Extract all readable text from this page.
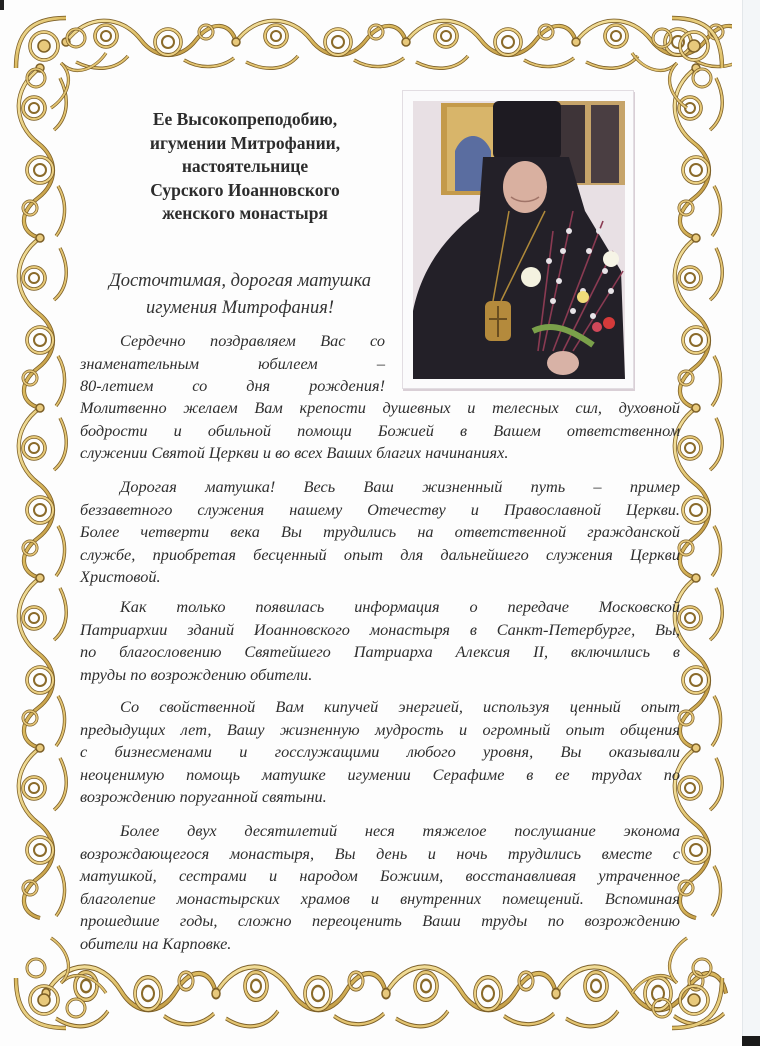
Ее Высокопреподобию,
игумении Митрофании,
настоятельнице
Сурского Иоанновского
женского монастыря
Досточтимая, дорогая матушка
игумения Митрофания!
Сердечно поздравляем Вас со
знаменательным юбилеем –
80-летием со дня рождения!
Молитвенно желаем Вам крепости душевных и телесных сил, духовной
бодрости и обильной помощи Божией в Вашем ответственном
служении Святой Церкви и во всех Ваших благих начинаниях.
Дорогая матушка! Весь Ваш жизненный путь – пример
беззаветного служения нашему Отечеству и Православной Церкви.
Более четверти века Вы трудились на ответственной гражданской
службе, приобретая бесценный опыт для дальнейшего служения Церкви
Христовой.
Как только появилась информация о передаче Московской
Патриархии зданий Иоанновского монастыря в Санкт-Петербурге, Вы,
по благословению Святейшего Патриарха Алексия II, включились в
труды по возрождению обители.
Со свойственной Вам кипучей энергией, используя ценный опыт
предыдущих лет, Вашу жизненную мудрость и огромный опыт общения
с бизнесменами и госслужащими любого уровня, Вы оказывали
неоценимую помощь матушке игумении Серафиме в ее трудах по
возрождению поруганной святыни.
Более двух десятилетий неся тяжелое послушание эконома
возрождающегося монастыря, Вы день и ночь трудились вместе с
матушкой, сестрами и народом Божиим, восстанавливая утраченное
благолепие монастырских храмов и внутренних помещений. Вспоминая
прошедшие годы, сложно переоценить Ваши труды по возрождению
обители на Карповке.
